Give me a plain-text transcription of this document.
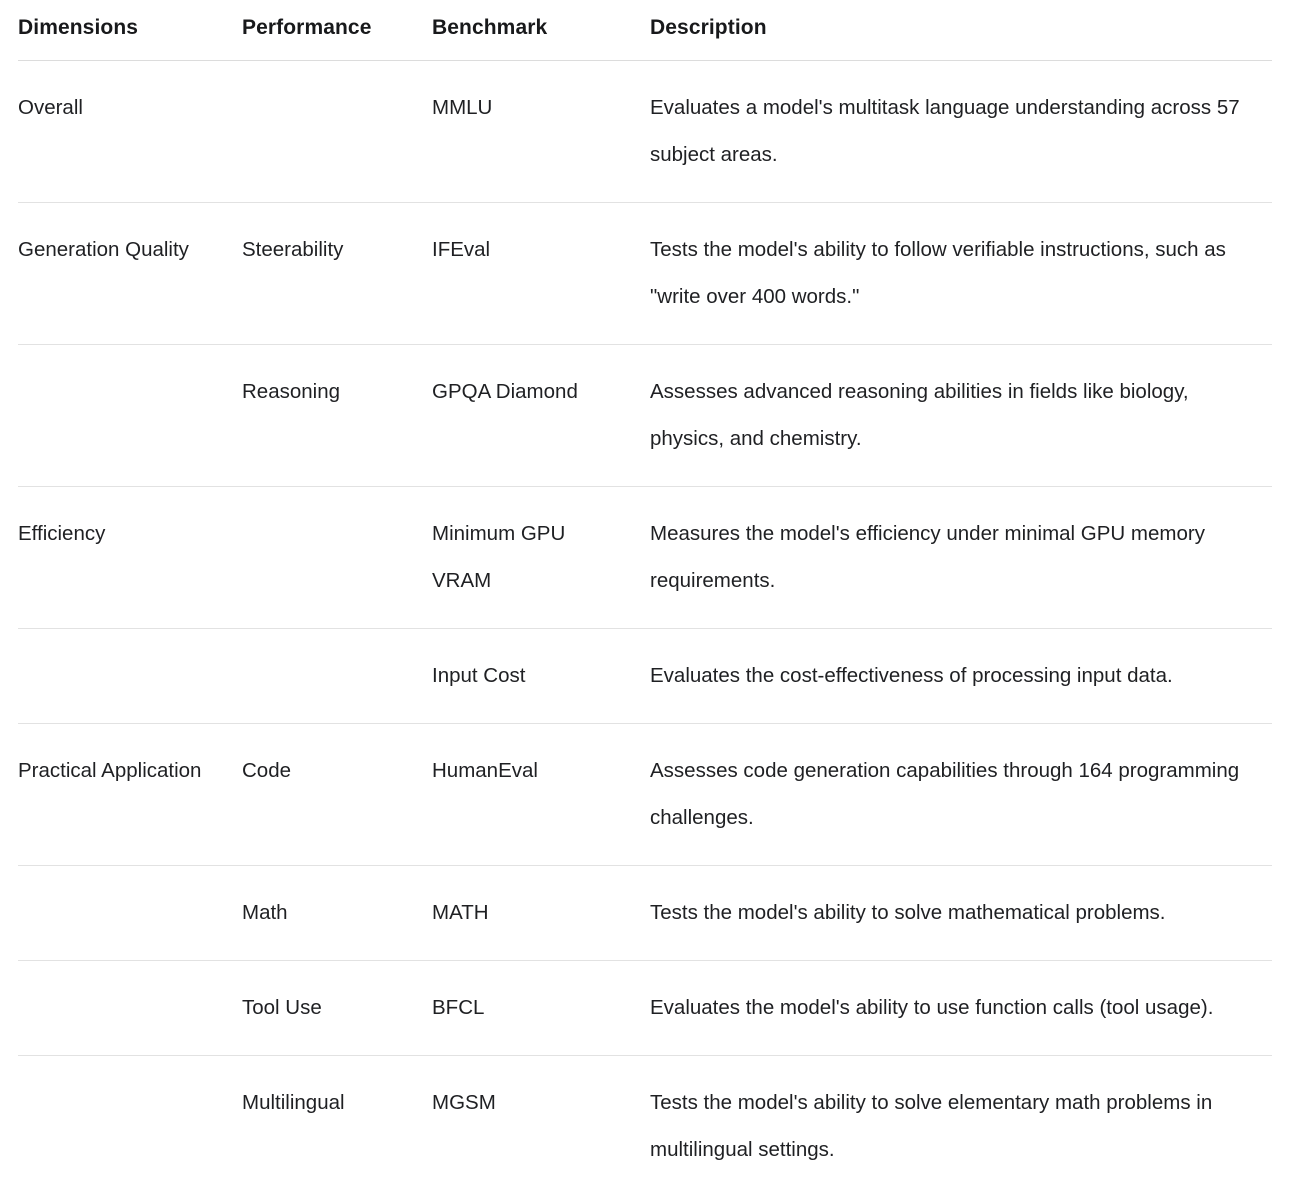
Dimensions	Performance	Benchmark	Description
Overall		MMLU	Evaluates a model's multitask language understanding across 57 subject areas.
Generation Quality	Steerability	IFEval	Tests the model's ability to follow verifiable instructions, such as "write over 400 words."
	Reasoning	GPQA Diamond	Assesses advanced reasoning abilities in fields like biology, physics, and chemistry.
Efficiency		Minimum GPU VRAM	Measures the model's efficiency under minimal GPU memory requirements.
		Input Cost	Evaluates the cost-effectiveness of processing input data.
Practical Application	Code	HumanEval	Assesses code generation capabilities through 164 programming challenges.
	Math	MATH	Tests the model's ability to solve mathematical problems.
	Tool Use	BFCL	Evaluates the model's ability to use function calls (tool usage).
	Multilingual	MGSM	Tests the model's ability to solve elementary math problems in multilingual settings.
